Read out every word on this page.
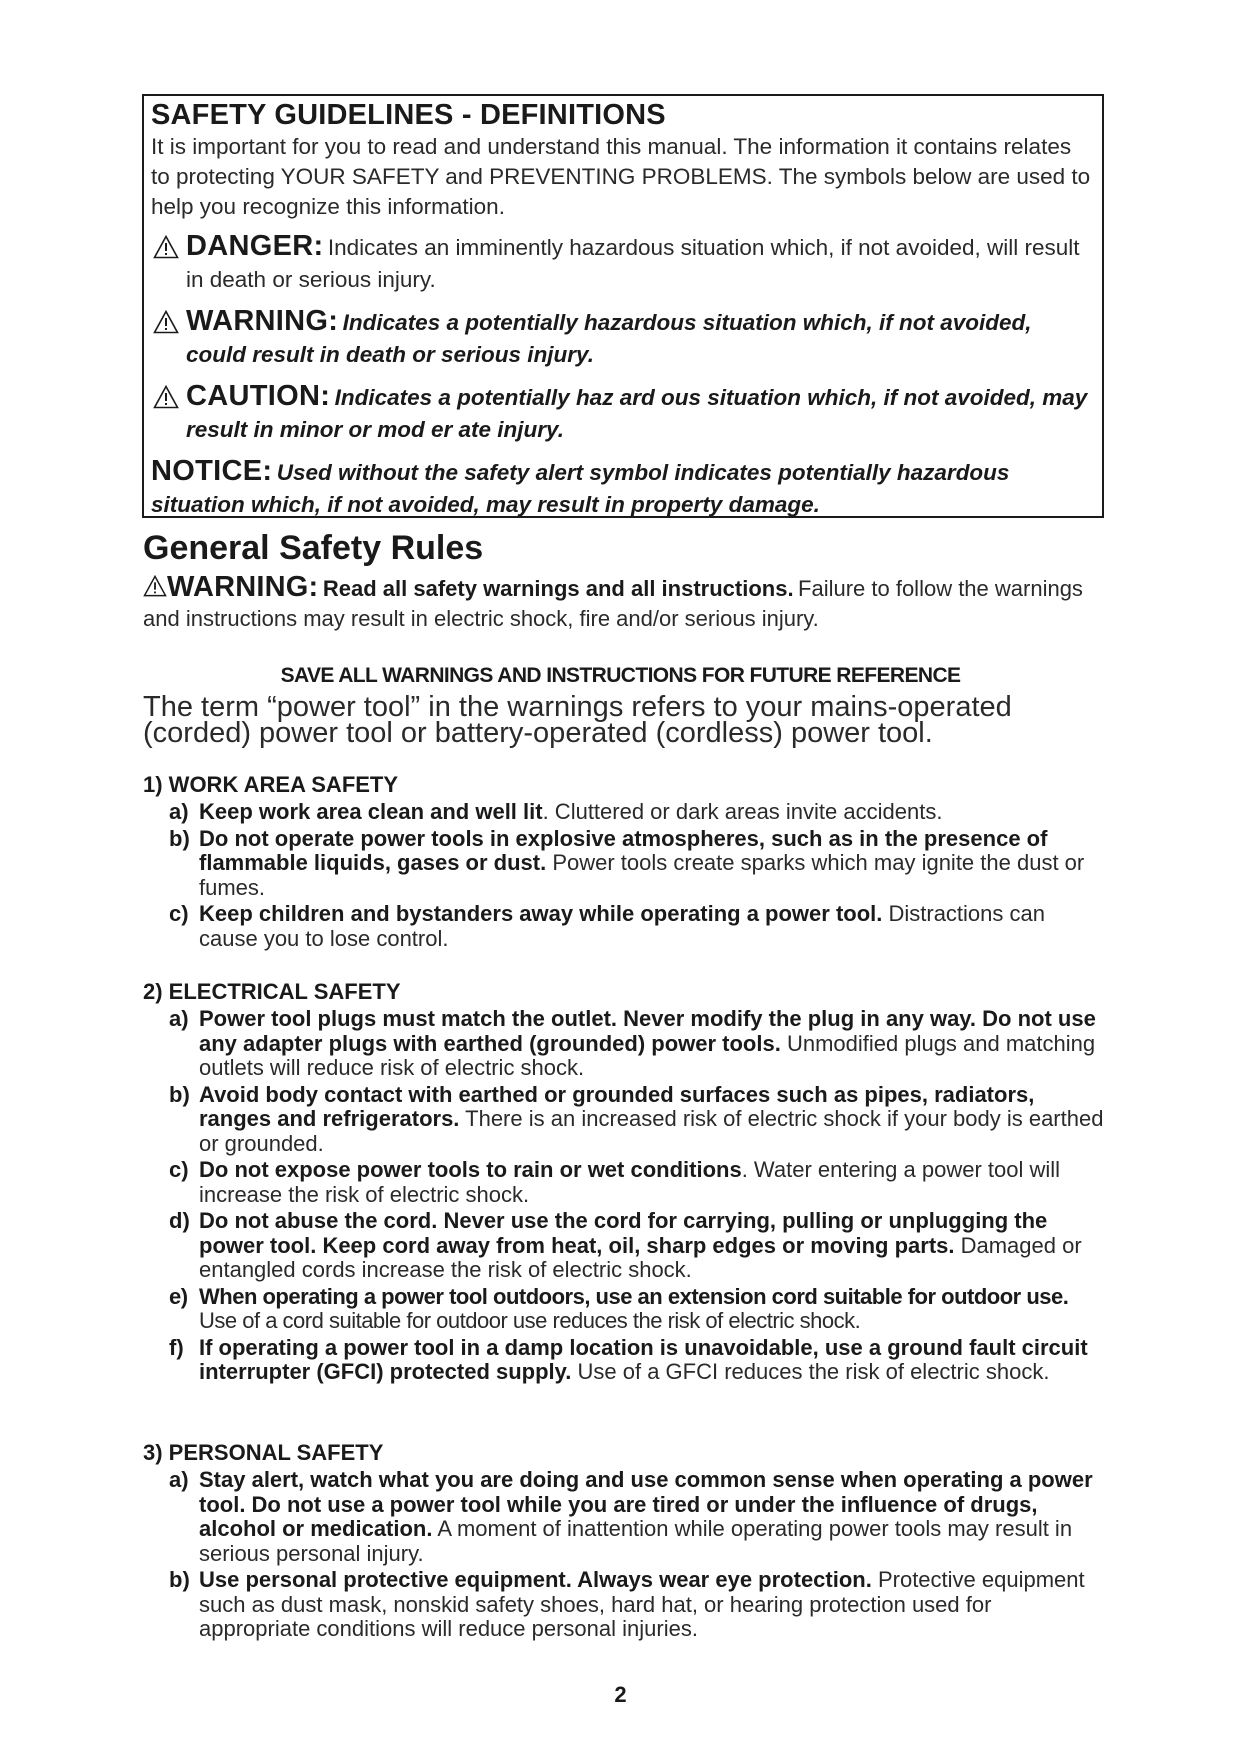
SAFETY GUIDELINES - DEFINITIONS
It is important for you to read and understand this manual. The information it contains relates to protecting YOUR SAFETY and PREVENTING PROBLEMS. The symbols below are used to help you recognize this information.
DANGER: Indicates an imminently hazardous situation which, if not avoided, will result in death or serious injury.
WARNING: Indicates a potentially hazardous situation which, if not avoided, could result in death or serious injury.
CAUTION: Indicates a potentially haz ard ous situation which, if not avoided, may result in minor or mod er ate injury.
NOTICE: Used without the safety alert symbol indicates potentially hazardous situation which, if not avoided, may result in property damage.
General Safety Rules
WARNING: Read all safety warnings and all instructions. Failure to follow the warnings and instructions may result in electric shock, fire and/or serious injury.
SAVE ALL WARNINGS AND INSTRUCTIONS FOR FUTURE REFERENCE
The term “power tool” in the warnings refers to your mains-operated (corded) power tool or battery-operated (cordless) power tool.
1) WORK AREA SAFETY
a) Keep work area clean and well lit. Cluttered or dark areas invite accidents.
b) Do not operate power tools in explosive atmospheres, such as in the presence of flammable liquids, gases or dust. Power tools create sparks which may ignite the dust or fumes.
c) Keep children and bystanders away while operating a power tool. Distractions can cause you to lose control.
2) ELECTRICAL SAFETY
a) Power tool plugs must match the outlet. Never modify the plug in any way. Do not use any adapter plugs with earthed (grounded) power tools. Unmodified plugs and matching outlets will reduce risk of electric shock.
b) Avoid body contact with earthed or grounded surfaces such as pipes, radiators, ranges and refrigerators. There is an increased risk of electric shock if your body is earthed or grounded.
c) Do not expose power tools to rain or wet conditions. Water entering a power tool will increase the risk of electric shock.
d) Do not abuse the cord. Never use the cord for carrying, pulling or unplugging the power tool. Keep cord away from heat, oil, sharp edges or moving parts. Damaged or entangled cords increase the risk of electric shock.
e) When operating a power tool outdoors, use an extension cord suitable for outdoor use. Use of a cord suitable for outdoor use reduces the risk of electric shock.
f) If operating a power tool in a damp location is unavoidable, use a ground fault circuit interrupter (GFCI) protected supply. Use of a GFCI reduces the risk of electric shock.
3) PERSONAL SAFETY
a) Stay alert, watch what you are doing and use common sense when operating a power tool. Do not use a power tool while you are tired or under the influence of drugs, alcohol or medication. A moment of inattention while operating power tools may result in serious personal injury.
b) Use personal protective equipment. Always wear eye protection. Protective equipment such as dust mask, nonskid safety shoes, hard hat, or hearing protection used for appropriate conditions will reduce personal injuries.
2
